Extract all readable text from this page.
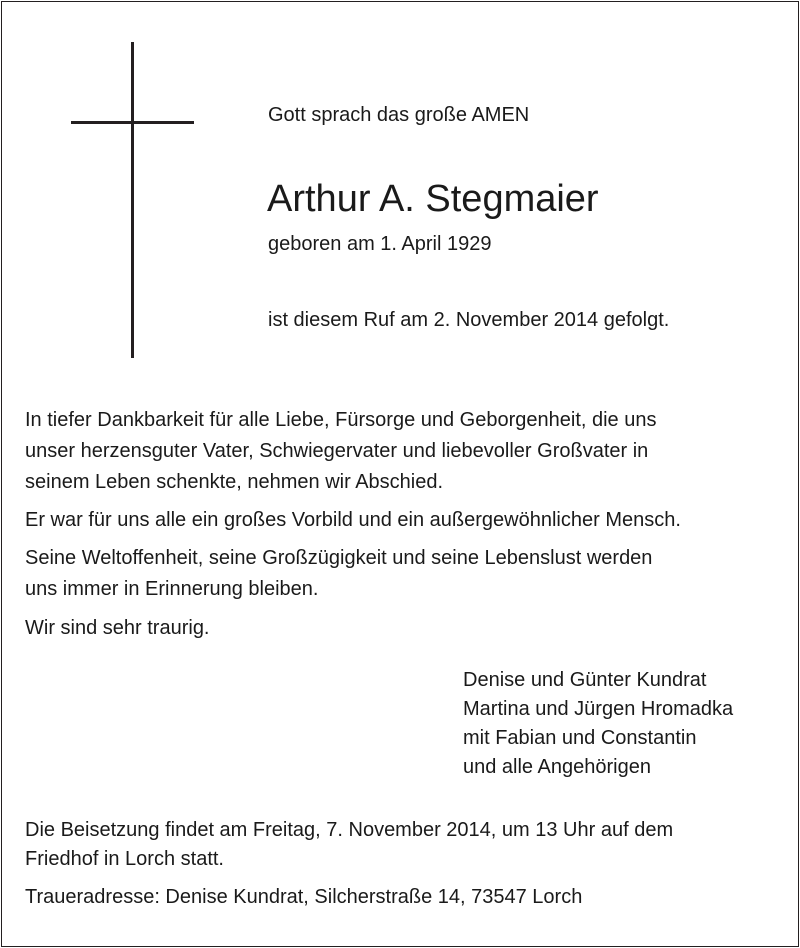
Gott sprach das große AMEN
Arthur A. Stegmaier
geboren am 1. April 1929
ist diesem Ruf am 2. November 2014 gefolgt.
In tiefer Dankbarkeit für alle Liebe, Fürsorge und Geborgenheit, die uns
unser herzensguter Vater, Schwiegervater und liebevoller Großvater in
seinem Leben schenkte, nehmen wir Abschied.
Er war für uns alle ein großes Vorbild und ein außergewöhnlicher Mensch.
Seine Weltoffenheit, seine Großzügigkeit und seine Lebenslust werden
uns immer in Erinnerung bleiben.
Wir sind sehr traurig.
Denise und Günter Kundrat
Martina und Jürgen Hromadka
mit Fabian und Constantin
und alle Angehörigen
Die Beisetzung findet am Freitag, 7. November 2014, um 13 Uhr auf dem
Friedhof in Lorch statt.
Traueradresse: Denise Kundrat, Silcherstraße 14, 73547 Lorch
